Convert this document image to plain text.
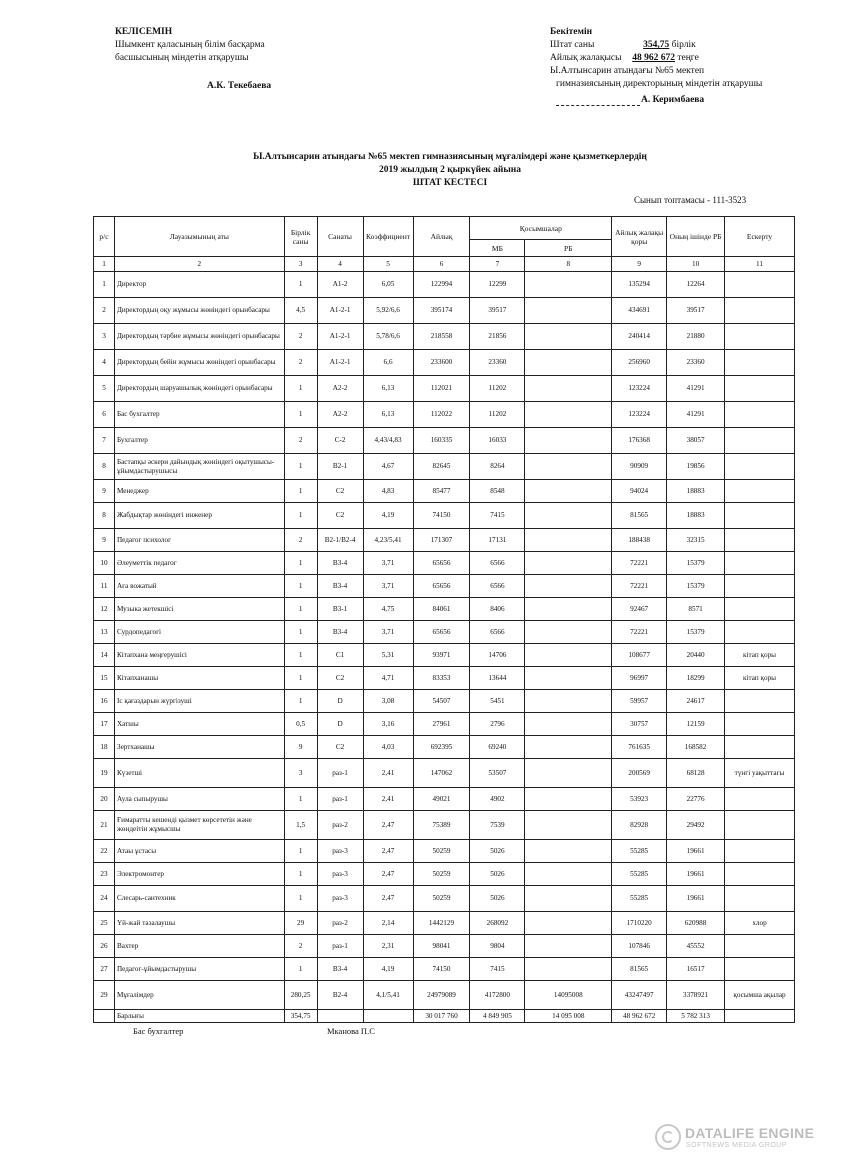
КЕЛІСЕМІН
Шымкент қаласының білім басқарма
басшысының міндетін атқарушы
А.К. Текебаева
Бекітемін
Штат саны	354,75 бірлік
Айлық жалақысы 48 962 672 теңге
Ы.Алтынсарин атындағы №65 мектеп
гимназиясының директорының міндетін атқарушы
А. Керимбаева
Ы.Алтынсарин атындағы №65 мектеп гимназиясының мұғалімдері және қызметкерлердің
2019 жылдың 2 қыркүйек айына
ШТАТ КЕСТЕСІ
Сынып топтамасы - 111-3523
р/с	Лауазымының аты	Бірлік саны	Санаты	Коэффициент	Айлық	Қосымшалар		Айлық жалақы қоры	Оның ішінде РБ	Ескерту
						МБ	РБ			
1	2	3	4	5	6	7	8	9	10	11
1	Директор	1	А1-2	6,05	122994	12299		135294	12264	
2	Директордың оқу жұмысы жөніндегі орынбасары	4,5	А1-2-1	5,92/6,6	395174	39517		434691	39517	
3	Директордың тәрбие жұмысы жөніндегі орынбасары	2	А1-2-1	5,78/6,6	218558	21856		240414	21880	
4	Директордың бейін жұмысы жөніндегі орынбасары	2	А1-2-1	6,6	233600	23360		256960	23360	
5	Директордың шаруашылық жөніндегі орынбасары	1	А2-2	6,13	112021	11202		123224	41291	
6	Бас бухгалтер	1	А2-2	6,13	112022	11202		123224	41291	
7	Бухгалтер	2	С-2	4,43/4,83	160335	16033		176368	38057	
8	Бастапқы әскери дайындық жөніндегі оқытушысы-ұйымдастырушысы	1	В2-1	4,67	82645	8264		90909	19856	
9	Менеджер	1	С2	4,83	85477	8548		94024	18883	
8	Жабдықтар жөніндегі инженер	1	С2	4,19	74150	7415		81565	18883	
9	Педагог психолог	2	В2-1/В2-4	4,23/5,41	171307	17131		188438	32315	
10	Әлеуметтік педагог	1	В3-4	3,71	65656	6566		72221	15379	
11	Аға вожатый	1	В3-4	3,71	65656	6566		72221	15379	
12	Музыка жетекшісі	1	В3-1	4,75	84061	8406		92467	8571	
13	Сурдопедагогі	1	В3-4	3,71	65656	6566		72221	15379	
14	Кітапхана меңгерушісі	1	С1	5,31	93971	14706		108677	20440	кітап қоры
15	Кітапханашы	1	С2	4,71	83353	13644		96997	18299	кітап қоры
16	Іс қағаздарын жүргізуші	1	D	3,08	54507	5451		59957	24617	
17	Хатшы	0,5	D	3,16	27961	2796		30757	12159	
18	Зертханашы	9	С2	4,03	692395	69240		761635	168582	
19	Күзетші	3	раз-1	2,41	147062	53507		200569	68128	түнгі уақыттағы
20	Аула сыпырушы	1	раз-1	2,41	49021	4902		53923	22776	
21	Ғимаратты кешенді қызмет көрсететін және жөндеітін жұмысшы	1,5	раз-2	2,47	75389	7539		82928	29492	
22	Атаы ұстасы	1	раз-3	2,47	50259	5026		55285	19661	
23	Электромонтер	1	раз-3	2,47	50259	5026		55285	19661	
24	Слесарь-сантехник	1	раз-3	2,47	50259	5026		55285	19661	
25	Үй-жай тазалаушы	29	раз-2	2,14	1442129	268092		1710220	620988	хлор
26	Вахтер	2	раз-1	2,31	98041	9804		107846	45552	
27	Педагог-ұйымдастырушы	1	В3-4	4,19	74150	7415		81565	16517	
29	Мұғалімдер	280,25	В2-4	4,1/5,41	24979089	4172800	14095008	43247497	3378921	қосымша ақылар
	Барлығы	354,75			30 017 760	4 849 905	14 095 008	48 962 672	5 782 313	
Бас бухгалтер	Мканова П.С
DATALIFE ENGINE
SOFTNEWS MEDIA GROUP
